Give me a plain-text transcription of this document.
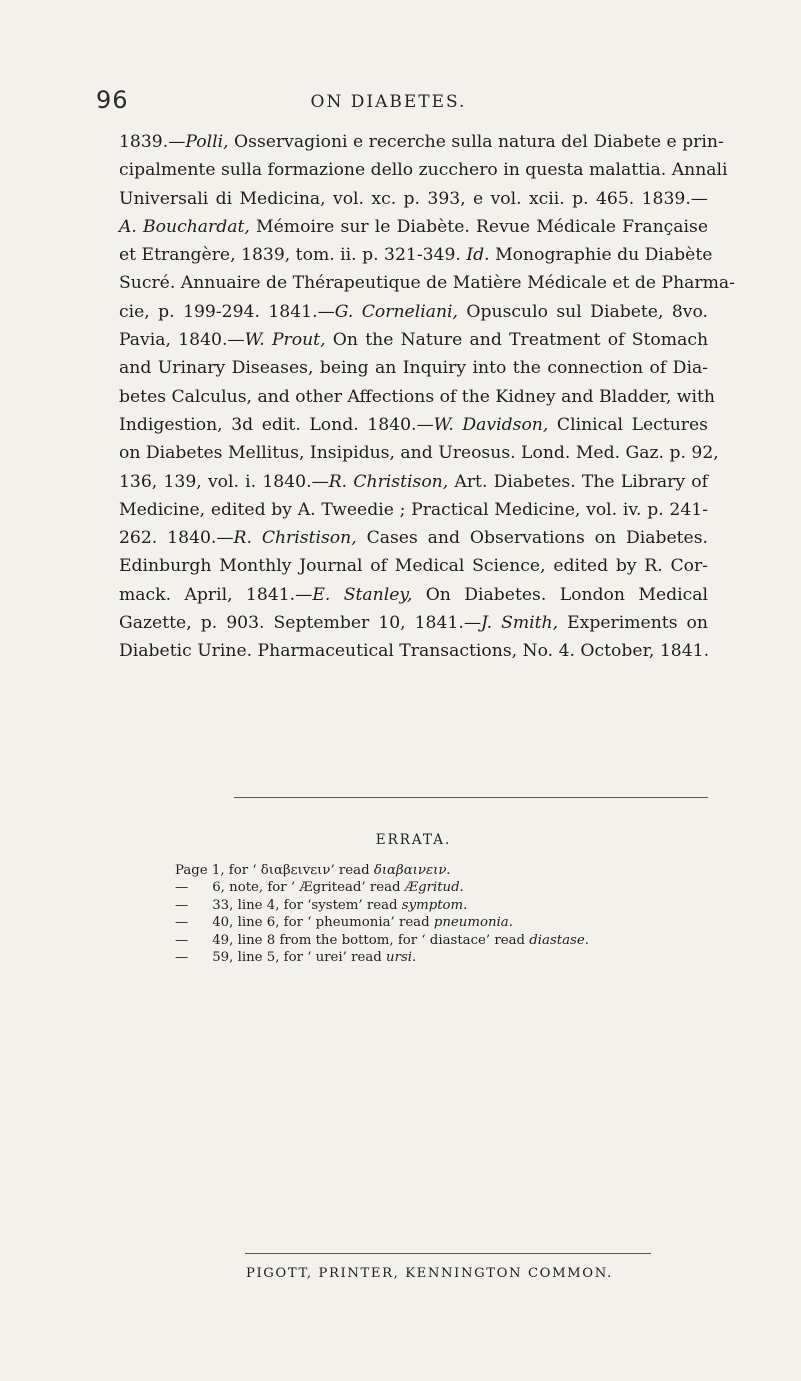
96	ON DIABETES.
1839.—Polli, Osservagioni e recerche sulla natura del Diabete e prin-
cipalmente sulla formazione dello zucchero in questa malattia. Annali
Universali di Medicina, vol. xc. p. 393, e vol. xcii. p. 465. 1839.—
A. Bouchardat, Mémoire sur le Diabète. Revue Médicale Française
et Etrangère, 1839, tom. ii. p. 321-349. Id. Monographie du Diabète
Sucré. Annuaire de Thérapeutique de Matière Médicale et de Pharma-
cie, p. 199-294. 1841.—G. Corneliani, Opusculo sul Diabete, 8vo.
Pavia, 1840.—W. Prout, On the Nature and Treatment of Stomach
and Urinary Diseases, being an Inquiry into the connection of Dia-
betes Calculus, and other Affections of the Kidney and Bladder, with
Indigestion, 3d edit. Lond. 1840.—W. Davidson, Clinical Lectures
on Diabetes Mellitus, Insipidus, and Ureosus. Lond. Med. Gaz. p. 92,
136, 139, vol. i. 1840.—R. Christison, Art. Diabetes. The Library of
Medicine, edited by A. Tweedie ; Practical Medicine, vol. iv. p. 241-
262. 1840.—R. Christison, Cases and Observations on Diabetes.
Edinburgh Monthly Journal of Medical Science, edited by R. Cor-
mack. April, 1841.—E. Stanley, On Diabetes. London Medical
Gazette, p. 903. September 10, 1841.—J. Smith, Experiments on
Diabetic Urine. Pharmaceutical Transactions, No. 4. October, 1841.
ERRATA.
Page 1, for ‘ διαβειvειν’ read διαβαινειν.
— 6, note, for ‘ Ægritead’ read Ægritud.
— 33, line 4, for ‘system’ read symptom.
— 40, line 6, for ‘ pheumonia’ read pneumonia.
— 49, line 8 from the bottom, for ‘ diastace’ read diastase.
— 59, line 5, for ‘ urei’ read ursi.
PIGOTT, PRINTER, KENNINGTON COMMON.
